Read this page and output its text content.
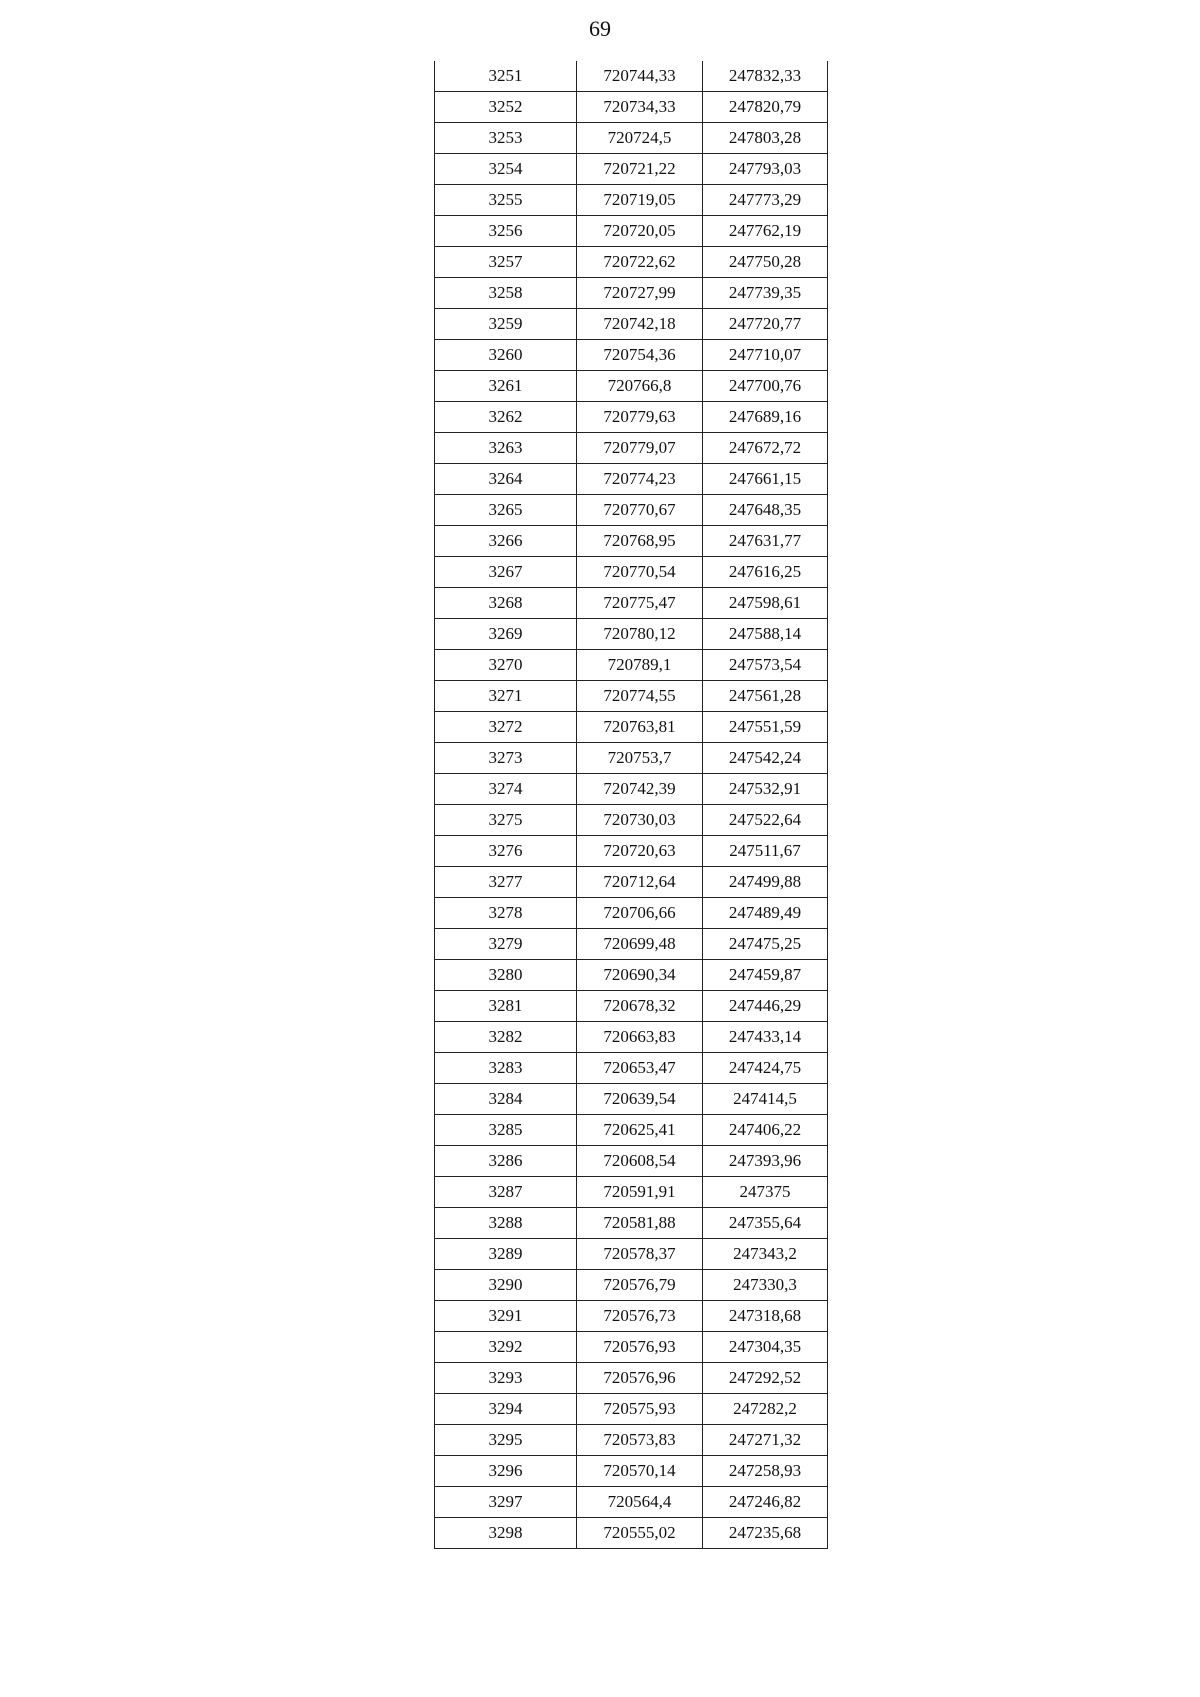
69
3251	720744,33	247832,33
3252	720734,33	247820,79
3253	720724,5	247803,28
3254	720721,22	247793,03
3255	720719,05	247773,29
3256	720720,05	247762,19
3257	720722,62	247750,28
3258	720727,99	247739,35
3259	720742,18	247720,77
3260	720754,36	247710,07
3261	720766,8	247700,76
3262	720779,63	247689,16
3263	720779,07	247672,72
3264	720774,23	247661,15
3265	720770,67	247648,35
3266	720768,95	247631,77
3267	720770,54	247616,25
3268	720775,47	247598,61
3269	720780,12	247588,14
3270	720789,1	247573,54
3271	720774,55	247561,28
3272	720763,81	247551,59
3273	720753,7	247542,24
3274	720742,39	247532,91
3275	720730,03	247522,64
3276	720720,63	247511,67
3277	720712,64	247499,88
3278	720706,66	247489,49
3279	720699,48	247475,25
3280	720690,34	247459,87
3281	720678,32	247446,29
3282	720663,83	247433,14
3283	720653,47	247424,75
3284	720639,54	247414,5
3285	720625,41	247406,22
3286	720608,54	247393,96
3287	720591,91	247375
3288	720581,88	247355,64
3289	720578,37	247343,2
3290	720576,79	247330,3
3291	720576,73	247318,68
3292	720576,93	247304,35
3293	720576,96	247292,52
3294	720575,93	247282,2
3295	720573,83	247271,32
3296	720570,14	247258,93
3297	720564,4	247246,82
3298	720555,02	247235,68
